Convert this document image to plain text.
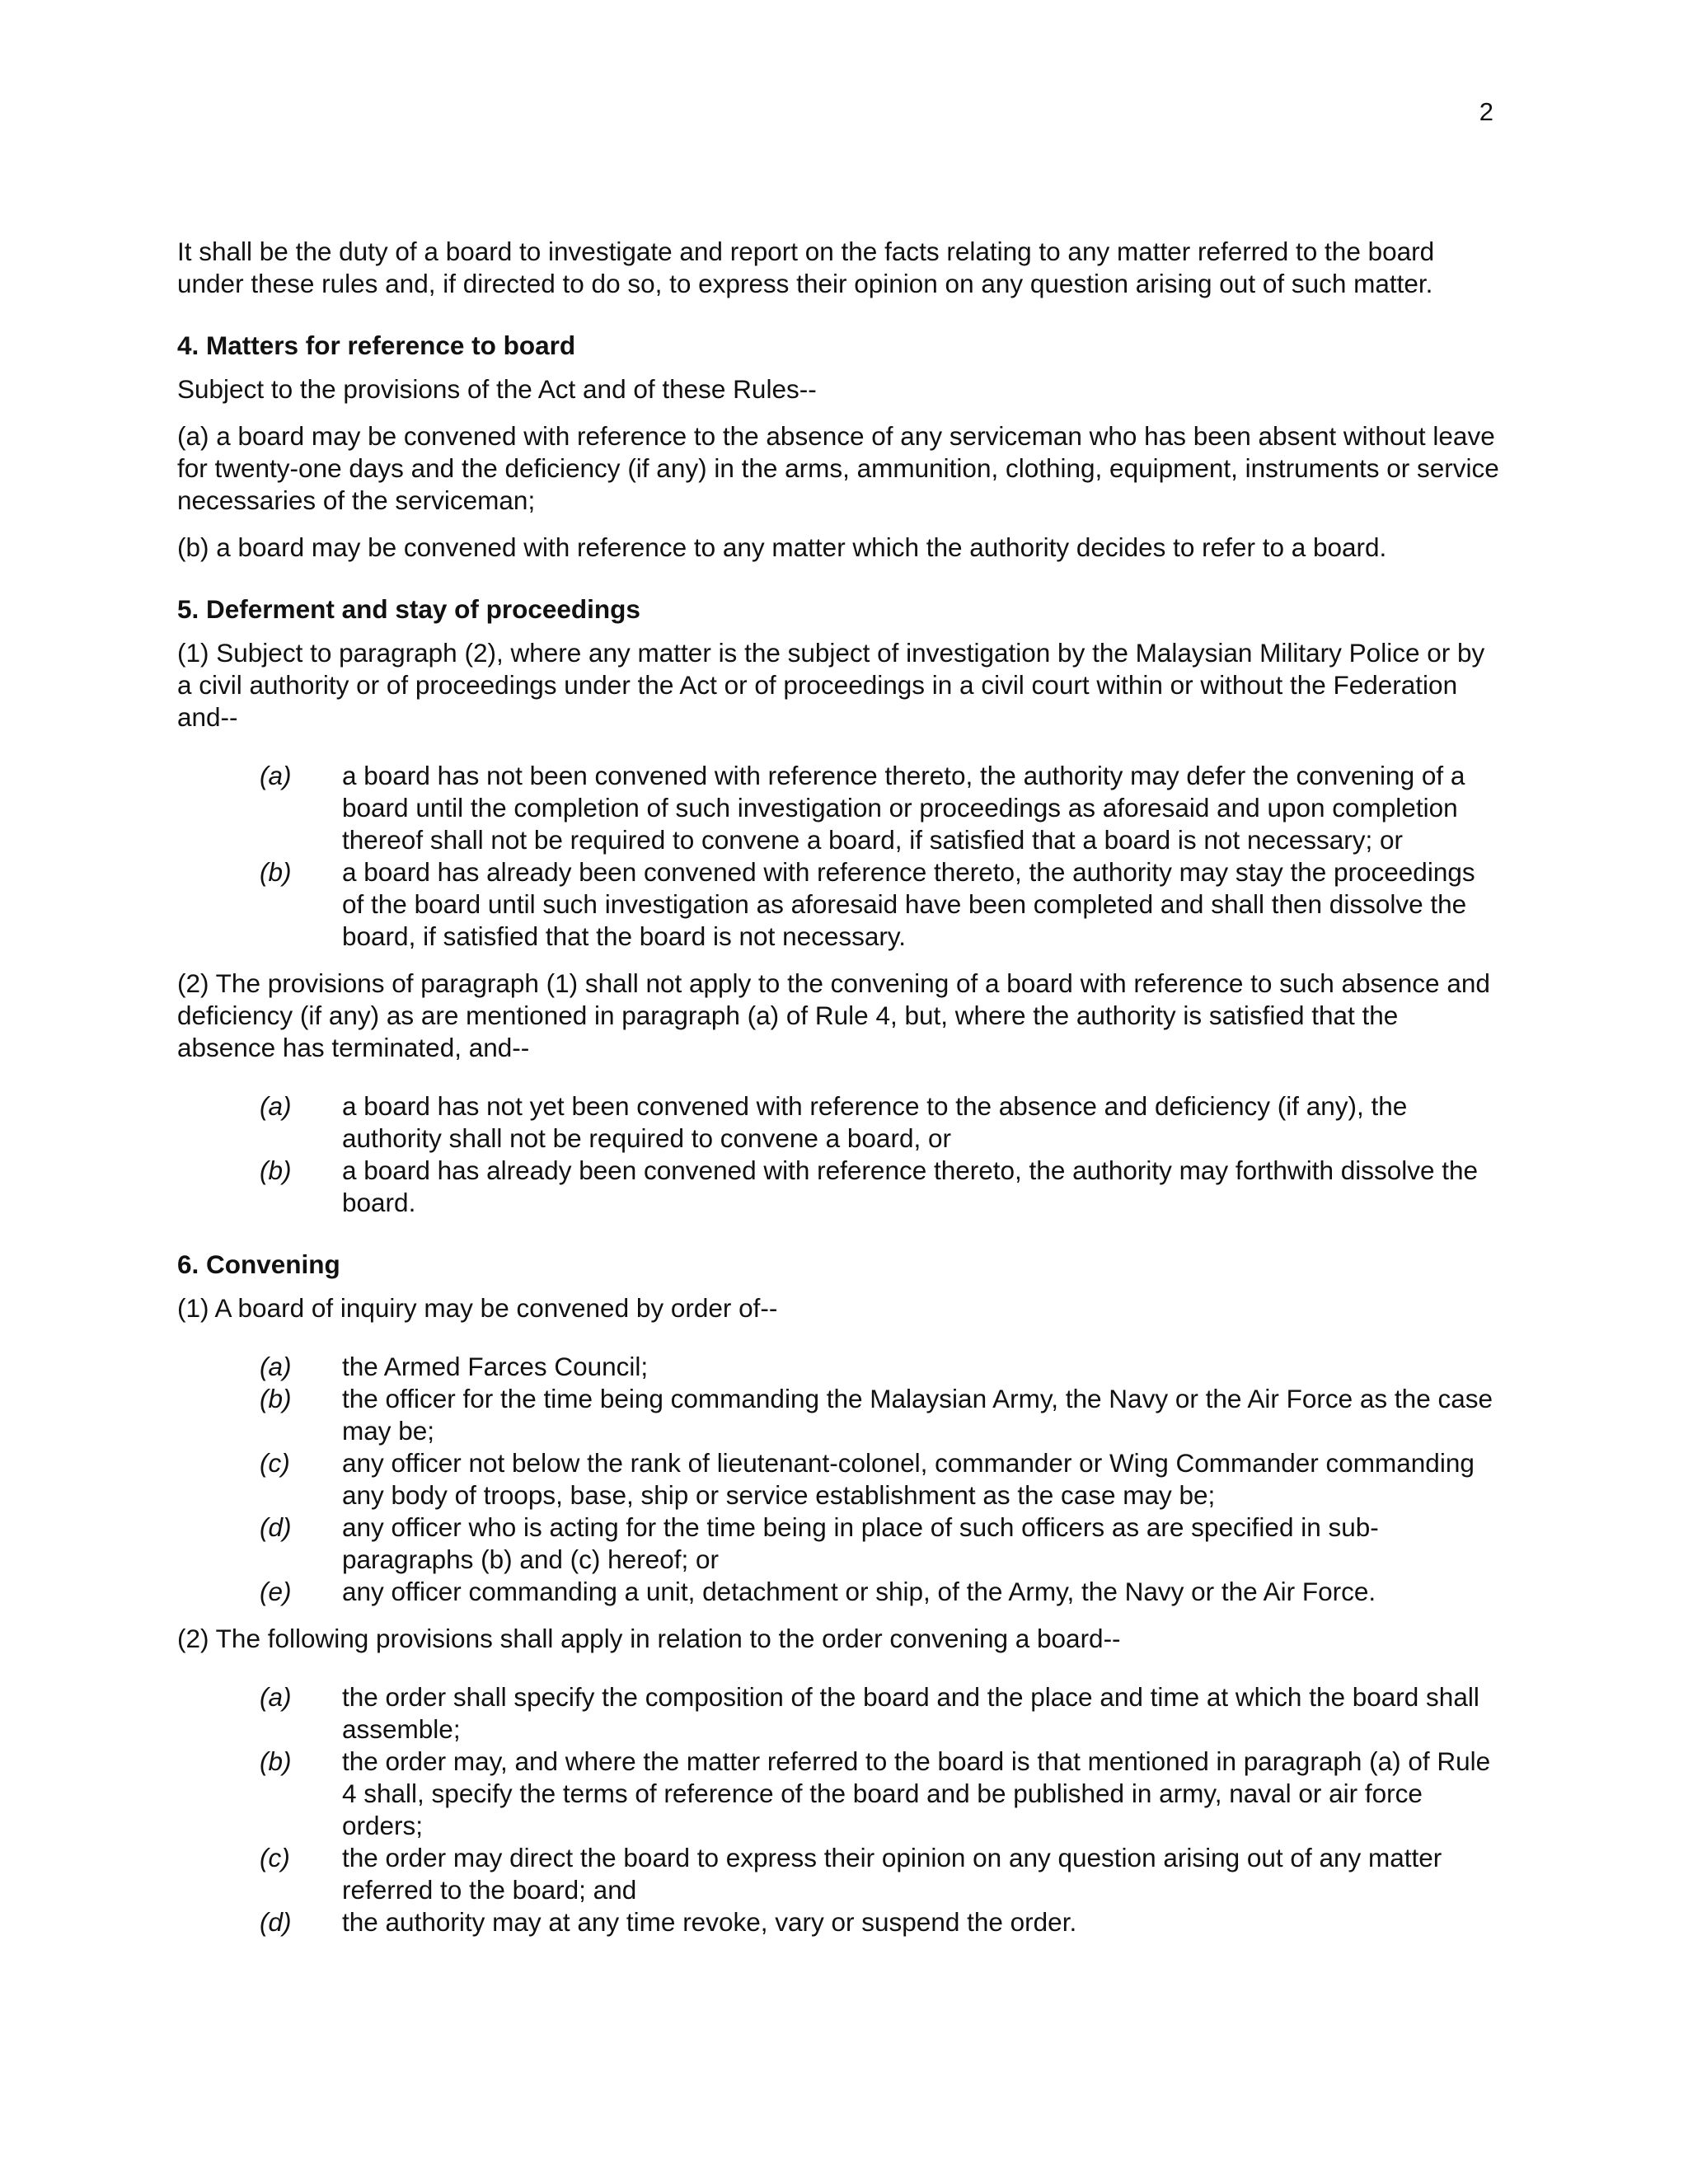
2

It shall be the duty of a board to investigate and report on the facts relating to any matter referred to the board under these rules and, if directed to do so, to express their opinion on any question arising out of such matter.

4. Matters for reference to board

Subject to the provisions of the Act and of these Rules--

(a) a board may be convened with reference to the absence of any serviceman who has been absent without leave for twenty-one days and the deficiency (if any) in the arms, ammunition, clothing, equipment, instruments or service necessaries of the serviceman;

(b) a board may be convened with reference to any matter which the authority decides to refer to a board.

5. Deferment and stay of proceedings

(1) Subject to paragraph (2), where any matter is the subject of investigation by the Malaysian Military Police or by a civil authority or of proceedings under the Act or of proceedings in a civil court within or without the Federation and--

(a)	a board has not been convened with reference thereto, the authority may defer the convening of a board until the completion of such investigation or proceedings as aforesaid and upon completion thereof shall not be required to convene a board, if satisfied that a board is not necessary; or
(b)	a board has already been convened with reference thereto, the authority may stay the proceedings of the board until such investigation as aforesaid have been completed and shall then dissolve the board, if satisfied that the board is not necessary.

(2) The provisions of paragraph (1) shall not apply to the convening of a board with reference to such absence and deficiency (if any) as are mentioned in paragraph (a) of Rule 4, but, where the authority is satisfied that the absence has terminated, and--

(a)	a board has not yet been convened with reference to the absence and deficiency (if any), the authority shall not be required to convene a board, or
(b)	a board has already been convened with reference thereto, the authority may forthwith dissolve the board.
6. Convening

(1) A board of inquiry may be convened by order of--

(a)	the Armed Farces Council;
(b)	the officer for the time being commanding the Malaysian Army, the Navy or the Air Force as the case may be;
(c)	any officer not below the rank of lieutenant-colonel, commander or Wing Commander commanding any body of troops, base, ship or service establishment as the case may be;
(d)	any officer who is acting for the time being in place of such officers as are specified in sub-paragraphs (b) and (c) hereof; or
(e)	any officer commanding a unit, detachment or ship, of the Army, the Navy or the Air Force.

(2) The following provisions shall apply in relation to the order convening a board--

(a)	the order shall specify the composition of the board and the place and time at which the board shall assemble;
(b)	the order may, and where the matter referred to the board is that mentioned in paragraph (a) of Rule 4 shall, specify the terms of reference of the board and be published in army, naval or air force orders;
(c)	the order may direct the board to express their opinion on any question arising out of any matter referred to the board; and
(d)	the authority may at any time revoke, vary or suspend the order.
